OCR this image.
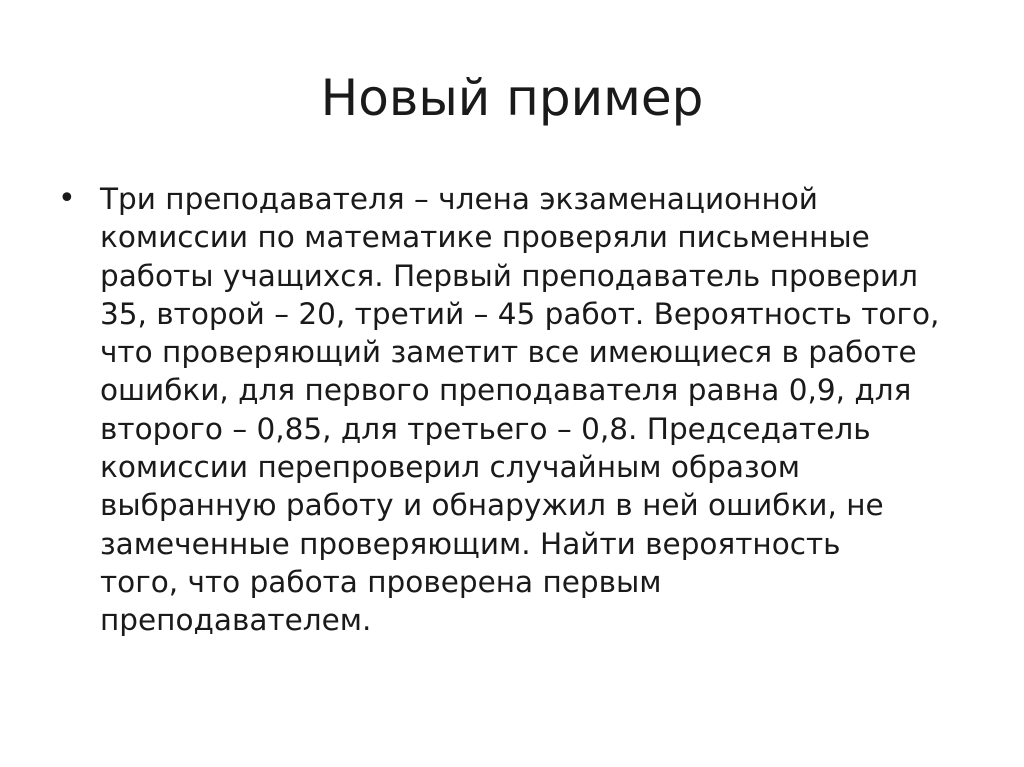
Новый пример
• Три преподавателя – члена экзаменационной
комиссии по математике проверяли письменные
работы учащихся. Первый преподаватель проверил
35, второй – 20, третий – 45 работ. Вероятность того,
что проверяющий заметит все имеющиеся в работе
ошибки, для первого преподавателя равна 0,9, для
второго – 0,85, для третьего – 0,8. Председатель
комиссии перепроверил случайным образом
выбранную работу и обнаружил в ней ошибки, не
замеченные проверяющим. Найти вероятность
того, что работа проверена первым
преподавателем.
